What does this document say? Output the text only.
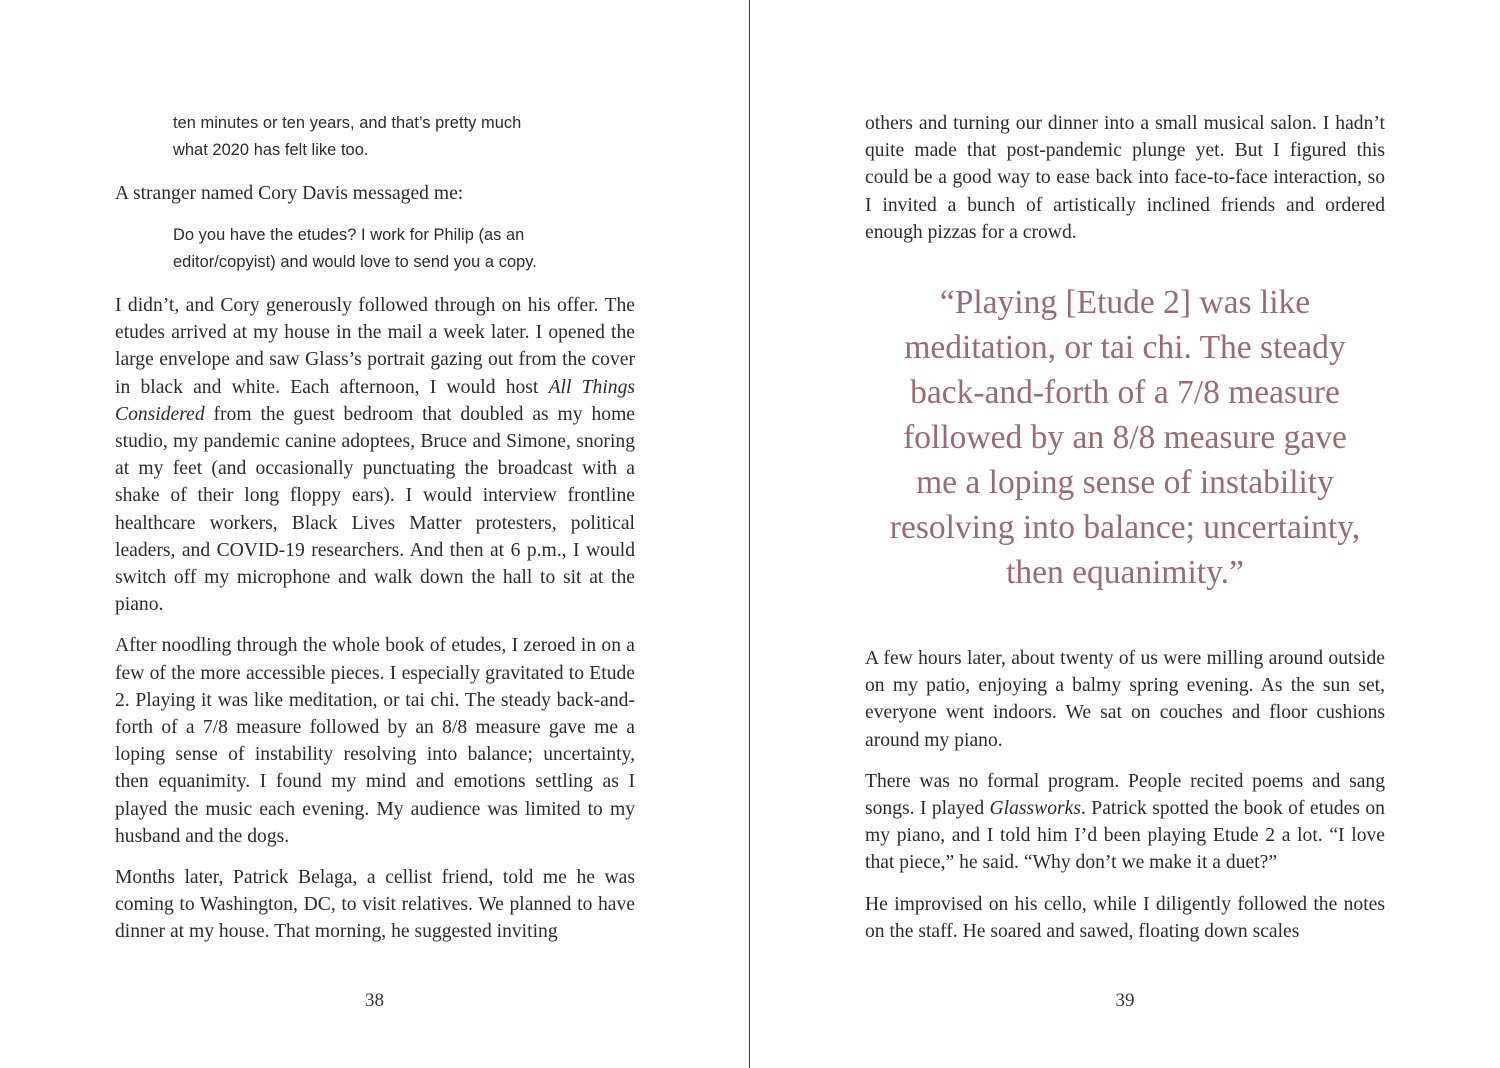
ten minutes or ten years, and that’s pretty much
what 2020 has felt like too.

A stranger named Cory Davis messaged me:

Do you have the etudes? I work for Philip (as an
editor/copyist) and would love to send you a copy.

I didn’t, and Cory generously followed through on his offer. The etudes arrived at my house in the mail a week later. I opened the large envelope and saw Glass’s portrait gazing out from the cover in black and white. Each afternoon, I would host All Things Considered from the guest bedroom that doubled as my home studio, my pandemic canine adoptees, Bruce and Simone, snoring at my feet (and occasionally punctuating the broadcast with a shake of their long floppy ears). I would interview frontline healthcare workers, Black Lives Matter protesters, political leaders, and COVID-19 researchers. And then at 6 p.m., I would switch off my microphone and walk down the hall to sit at the piano.

After noodling through the whole book of etudes, I zeroed in on a few of the more accessible pieces. I especially gravitated to Etude 2. Playing it was like meditation, or tai chi. The steady back-and-forth of a 7/8 measure followed by an 8/8 measure gave me a loping sense of instability resolving into balance; uncertainty, then equanimity. I found my mind and emotions settling as I played the music each evening. My audience was limited to my husband and the dogs.

Months later, Patrick Belaga, a cellist friend, told me he was coming to Washington, DC, to visit relatives. We planned to have dinner at my house. That morning, he suggested inviting

38

others and turning our dinner into a small musical salon. I hadn’t quite made that post-pandemic plunge yet. But I figured this could be a good way to ease back into face-to-face interaction, so I invited a bunch of artistically inclined friends and ordered enough pizzas for a crowd.

“Playing [Etude 2] was like
meditation, or tai chi. The steady
back-and-forth of a 7/8 measure
followed by an 8/8 measure gave
me a loping sense of instability
resolving into balance; uncertainty,
then equanimity.”

A few hours later, about twenty of us were milling around outside on my patio, enjoying a balmy spring evening. As the sun set, everyone went indoors. We sat on couches and floor cushions around my piano.

There was no formal program. People recited poems and sang songs. I played Glassworks. Patrick spotted the book of etudes on my piano, and I told him I’d been playing Etude 2 a lot. “I love that piece,” he said. “Why don’t we make it a duet?”

He improvised on his cello, while I diligently followed the notes on the staff. He soared and sawed, floating down scales

39
